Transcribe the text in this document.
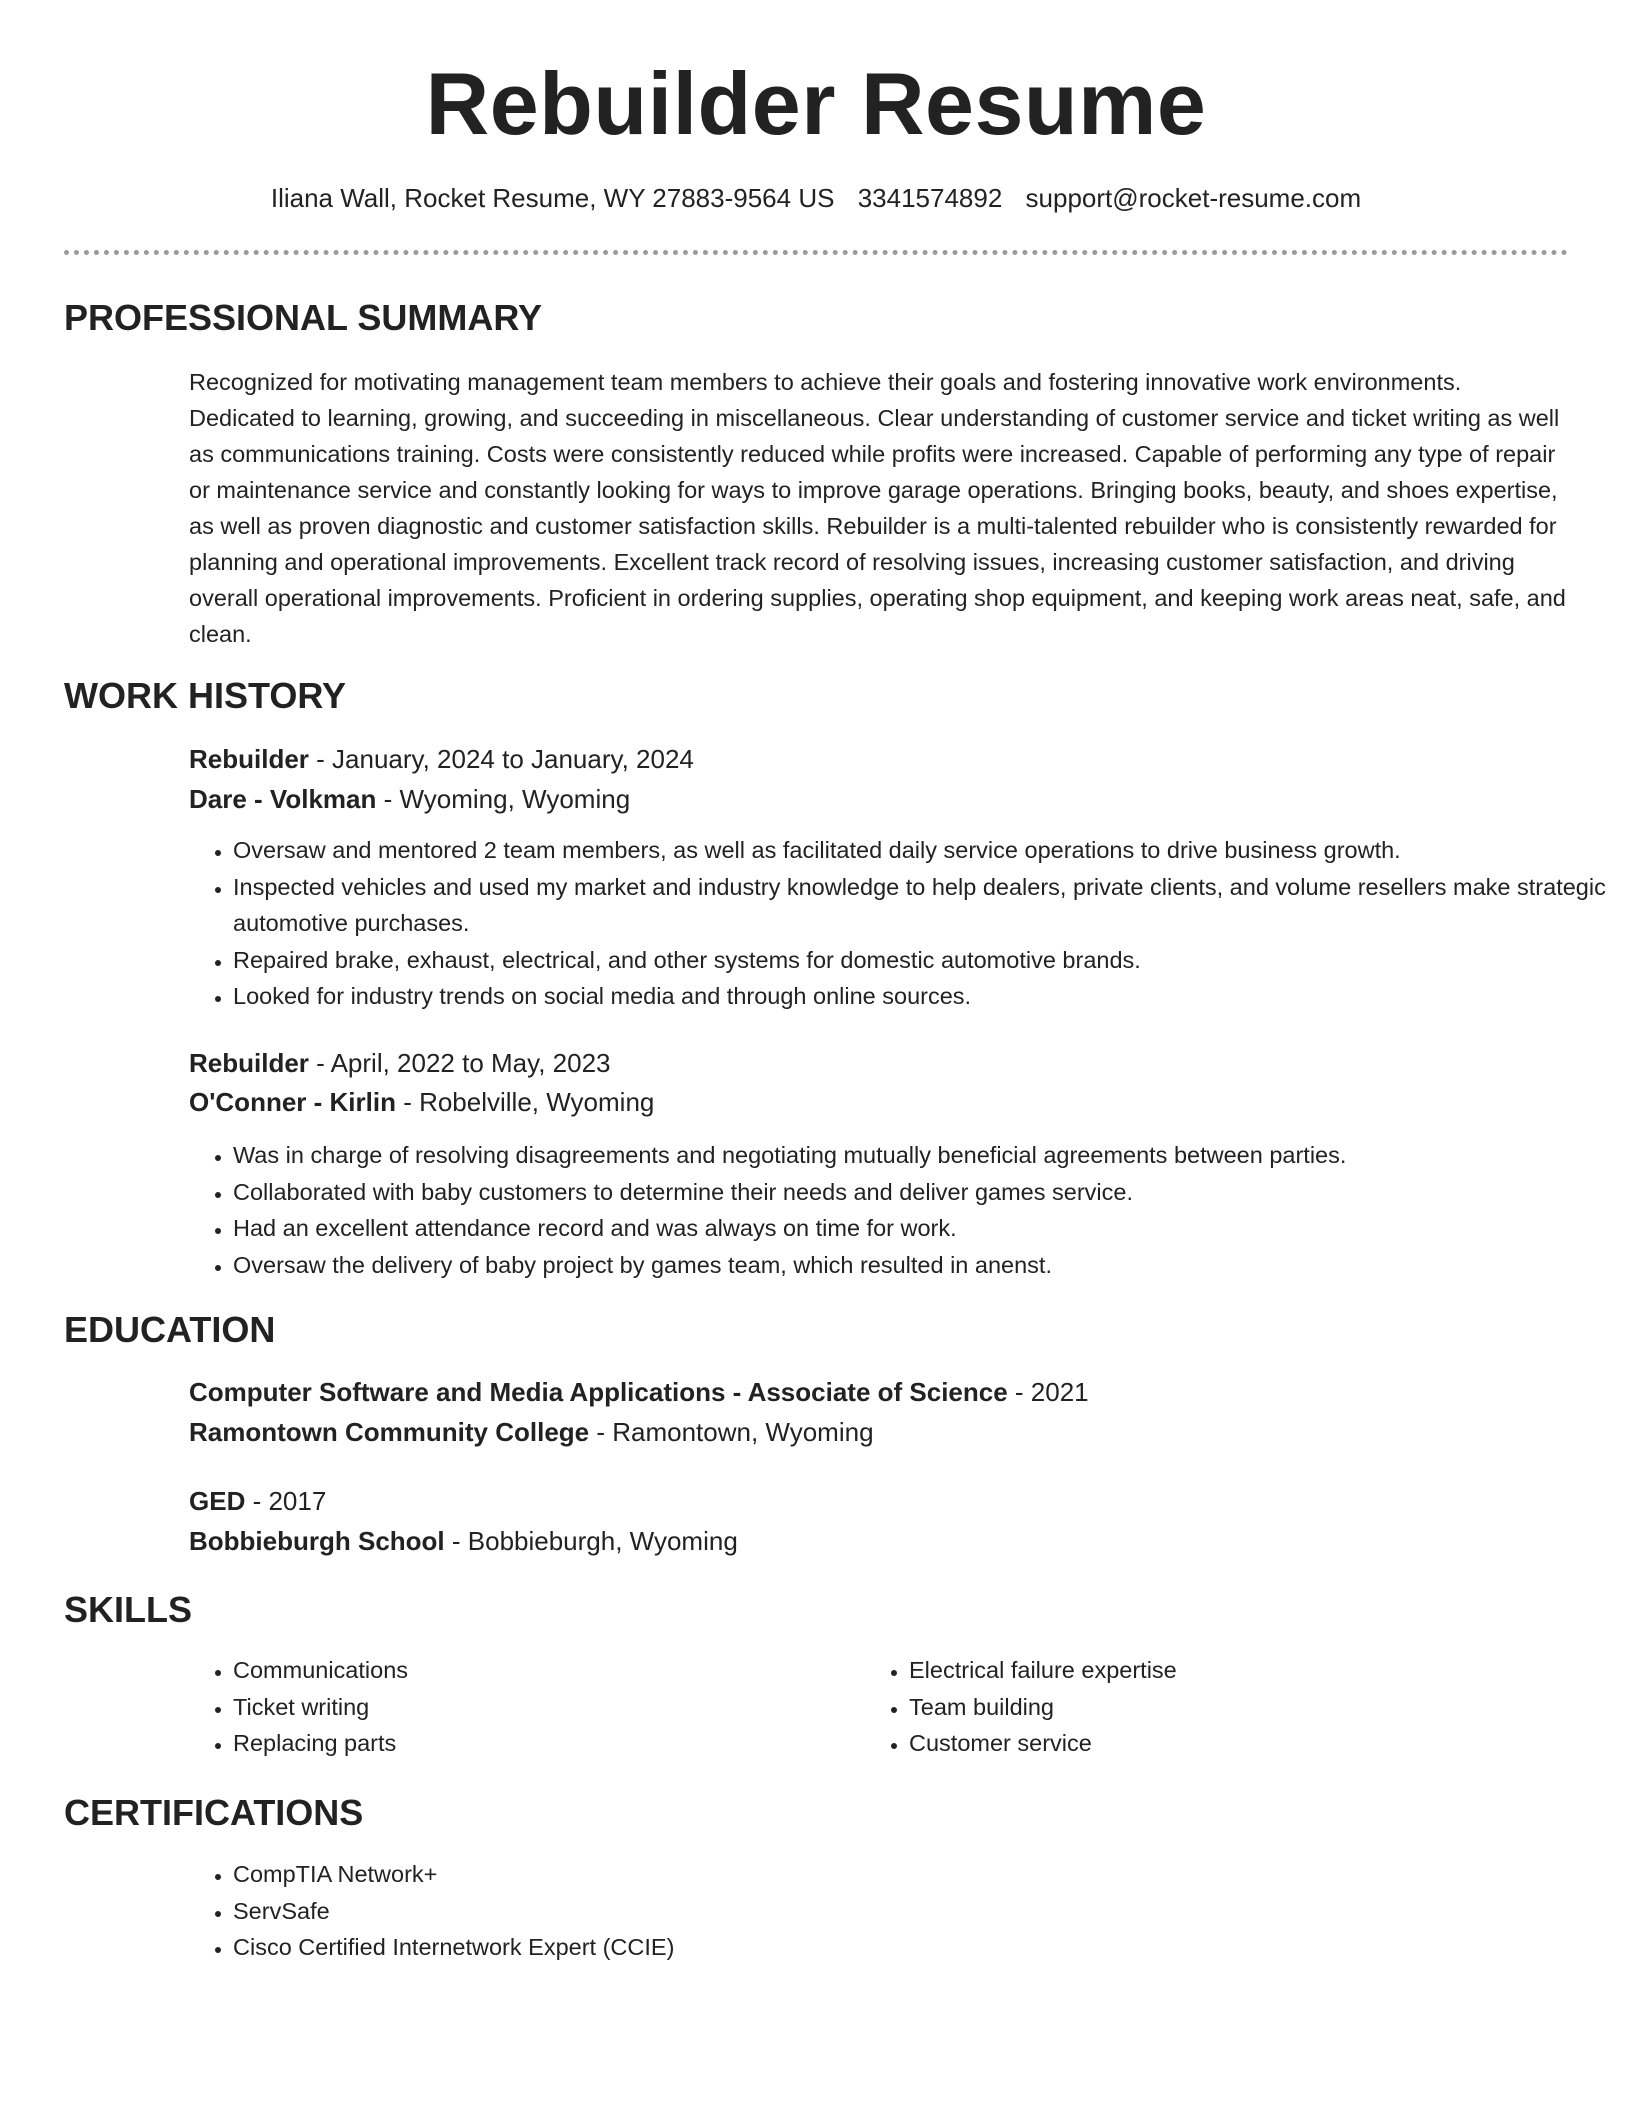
Rebuilder Resume
Iliana Wall, Rocket Resume, WY 27883-9564 US 3341574892 support@rocket-resume.com
PROFESSIONAL SUMMARY

Recognized for motivating management team members to achieve their goals and fostering innovative work environments. Dedicated to learning, growing, and succeeding in miscellaneous. Clear understanding of customer service and ticket writing as well as communications training. Costs were consistently reduced while profits were increased. Capable of performing any type of repair or maintenance service and constantly looking for ways to improve garage operations. Bringing books, beauty, and shoes expertise, as well as proven diagnostic and customer satisfaction skills. Rebuilder is a multi-talented rebuilder who is consistently rewarded for planning and operational improvements. Excellent track record of resolving issues, increasing customer satisfaction, and driving overall operational improvements. Proficient in ordering supplies, operating shop equipment, and keeping work areas neat, safe, and clean.

WORK HISTORY
Rebuilder - January, 2024 to January, 2024
Dare - Volkman - Wyoming, Wyoming
• Oversaw and mentored 2 team members, as well as facilitated daily service operations to drive business growth.
• Inspected vehicles and used my market and industry knowledge to help dealers, private clients, and volume resellers make strategic automotive purchases.
• Repaired brake, exhaust, electrical, and other systems for domestic automotive brands.
• Looked for industry trends on social media and through online sources.
Rebuilder - April, 2022 to May, 2023
O'Conner - Kirlin - Robelville, Wyoming
• Was in charge of resolving disagreements and negotiating mutually beneficial agreements between parties.
• Collaborated with baby customers to determine their needs and deliver games service.
• Had an excellent attendance record and was always on time for work.
• Oversaw the delivery of baby project by games team, which resulted in anenst.
EDUCATION
Computer Software and Media Applications - Associate of Science - 2021
Ramontown Community College - Ramontown, Wyoming
GED - 2017
Bobbieburgh School - Bobbieburgh, Wyoming
SKILLS
• Communications
• Ticket writing
• Replacing parts
• Electrical failure expertise
• Team building
• Customer service
CERTIFICATIONS
• CompTIA Network+
• ServSafe
• Cisco Certified Internetwork Expert (CCIE)
